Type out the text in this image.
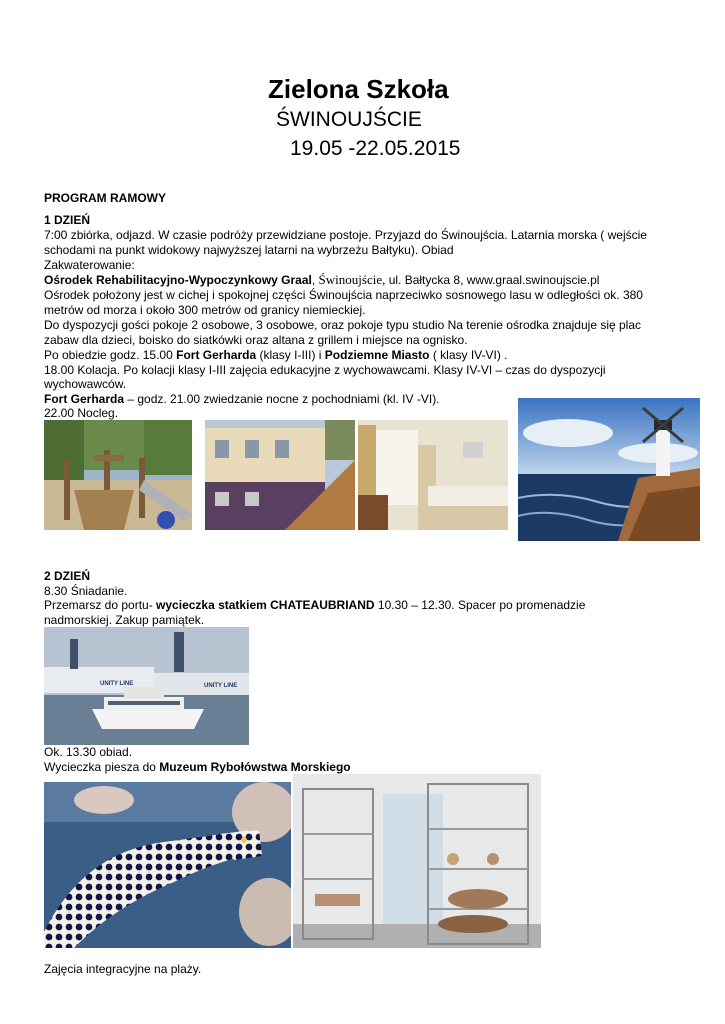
Zielona Szkoła
ŚWINOUJŚCIE
19.05 -22.05.2015
PROGRAM RAMOWY
1 DZIEŃ
7:00 zbiórka, odjazd. W czasie podróży przewidziane postoje. Przyjazd do Świnoujścia. Latarnia morska ( wejście
schodami na punkt widokowy najwyższej latarni na wybrzeżu Bałtyku). Obiad
Zakwaterowanie:
Ośrodek Rehabilitacyjno-Wypoczynkowy Graal, Świnoujście, ul. Bałtycka 8, www.graal.swinoujscie.pl
Ośrodek położony jest w cichej i spokojnej części Świnoujścia naprzeciwko sosnowego lasu w odległości ok. 380
metrów od morza i około 300 metrów od granicy niemieckiej.
Do dyspozycji gości pokoje 2 osobowe, 3 osobowe, oraz pokoje typu studio Na terenie ośrodka znajduje się plac
zabaw dla dzieci, boisko do siatkówki oraz altana z grillem i miejsce na ognisko.
Po obiedzie godz. 15.00 Fort Gerharda (klasy I-III) i Podziemne Miasto ( klasy IV-VI) .
18.00 Kolacja. Po kolacji klasy I-III zajęcia edukacyjne z wychowawcami. Klasy IV-VI – czas do dyspozycji
wychowawców.
Fort Gerharda – godz. 21.00 zwiedzanie nocne z pochodniami (kl. IV -VI).
22.00 Nocleg.
2 DZIEŃ
8.30 Śniadanie.
Przemarsz do portu- wycieczka statkiem CHATEAUBRIAND 10.30 – 12.30. Spacer po promenadzie
nadmorskiej. Zakup pamiątek.
UNITY LINE	UNITY LINE
Ok. 13.30 obiad.
Wycieczka piesza do Muzeum Rybołówstwa Morskiego
Zajęcia integracyjne na plaży.
